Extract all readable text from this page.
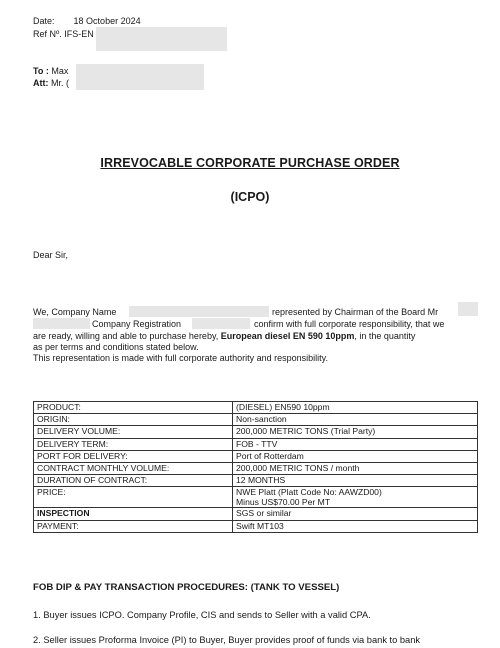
Date: 18 October 2024
Ref Nº. IFS-EN
To : Max
Att: Mr. (
IRREVOCABLE CORPORATE PURCHASE ORDER
(ICPO)
Dear Sir,
We, Company Name	represented by Chairman of the Board Mr
Company Registration	confirm with full corporate responsibility, that we
are ready, willing and able to purchase hereby, European diesel EN 590 10ppm, in the quantity
as per terms and conditions stated below.
This representation is made with full corporate authority and responsibility.
PRODUCT:	(DIESEL) EN590 10ppm
ORIGIN:	Non-sanction
DELIVERY VOLUME:	200,000 METRIC TONS (Trial Party)
DELIVERY TERM:	FOB - TTV
PORT FOR DELIVERY:	Port of Rotterdam
CONTRACT MONTHLY VOLUME:	200,000 METRIC TONS / month
DURATION OF CONTRACT:	12 MONTHS
PRICE:	NWE Platt (Platt Code No: AAWZD00)
Minus US$70.00 Per MT

INSPECTION	SGS or similar
PAYMENT:	Swift MT103
FOB DIP & PAY TRANSACTION PROCEDURES: (TANK TO VESSEL)
1. Buyer issues ICPO. Company Profile, CIS and sends to Seller with a valid CPA.
2. Seller issues Proforma Invoice (PI) to Buyer, Buyer provides proof of funds via bank to bank
